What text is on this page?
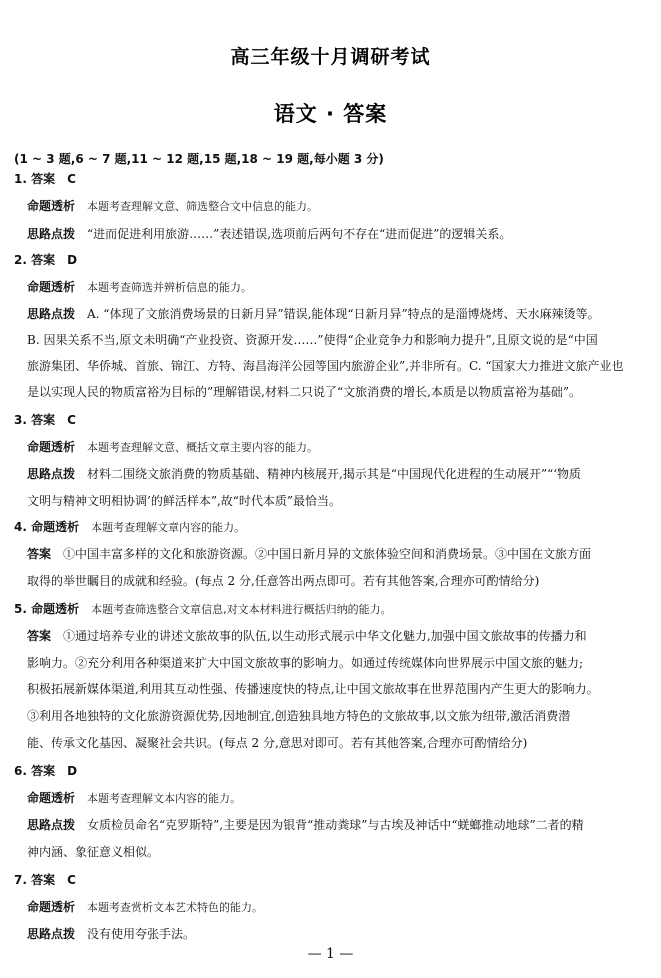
高三年级十月调研考试
语文 · 答案
(1 ~ 3 题,6 ~ 7 题,11 ~ 12 题,15 题,18 ~ 19 题,每小题 3 分)
1. 答案　C
命题透析 本题考查理解文意、筛选整合文中信息的能力。
思路点拨 “进而促进利用旅游……”表述错误,选项前后两句不存在“进而促进”的逻辑关系。
2. 答案　D
命题透析 本题考查筛选并辨析信息的能力。
思路点拨 A. “体现了文旅消费场景的日新月异”错误,能体现“日新月异”特点的是淄博烧烤、天水麻辣烫等。
B. 因果关系不当,原文未明确“产业投资、资源开发……”使得“企业竞争力和影响力提升”,且原文说的是“中国
旅游集团、华侨城、首旅、锦江、方特、海昌海洋公园等国内旅游企业”,并非所有。C. “国家大力推进文旅产业也
是以实现人民的物质富裕为目标的”理解错误,材料二只说了“文旅消费的增长,本质是以物质富裕为基础”。
3. 答案　C
命题透析 本题考查理解文意、概括文章主要内容的能力。
思路点拨 材料二围绕文旅消费的物质基础、精神内核展开,揭示其是“中国现代化进程的生动展开”“‘物质
文明与精神文明相协调’的鲜活样本”,故“时代本质”最恰当。
4. 命题透析 本题考查理解文章内容的能力。
答案 ①中国丰富多样的文化和旅游资源。②中国日新月异的文旅体验空间和消费场景。③中国在文旅方面
取得的举世瞩目的成就和经验。(每点 2 分,任意答出两点即可。若有其他答案,合理亦可酌情给分)
5. 命题透析 本题考查筛选整合文章信息,对文本材料进行概括归纳的能力。
答案 ①通过培养专业的讲述文旅故事的队伍,以生动形式展示中华文化魅力,加强中国文旅故事的传播力和
影响力。②充分利用各种渠道来扩大中国文旅故事的影响力。如通过传统媒体向世界展示中国文旅的魅力;
积极拓展新媒体渠道,利用其互动性强、传播速度快的特点,让中国文旅故事在世界范围内产生更大的影响力。
③利用各地独特的文化旅游资源优势,因地制宜,创造独具地方特色的文旅故事,以文旅为纽带,激活消费潜
能、传承文化基因、凝聚社会共识。(每点 2 分,意思对即可。若有其他答案,合理亦可酌情给分)
6. 答案　D
命题透析 本题考查理解文本内容的能力。
思路点拨 女质检员命名“克罗斯特”,主要是因为银背“推动粪球”与古埃及神话中“蜣螂推动地球”二者的精
神内涵、象征意义相似。
7. 答案　C
命题透析 本题考查赏析文本艺术特色的能力。
思路点拨 没有使用夸张手法。
— 1 —
